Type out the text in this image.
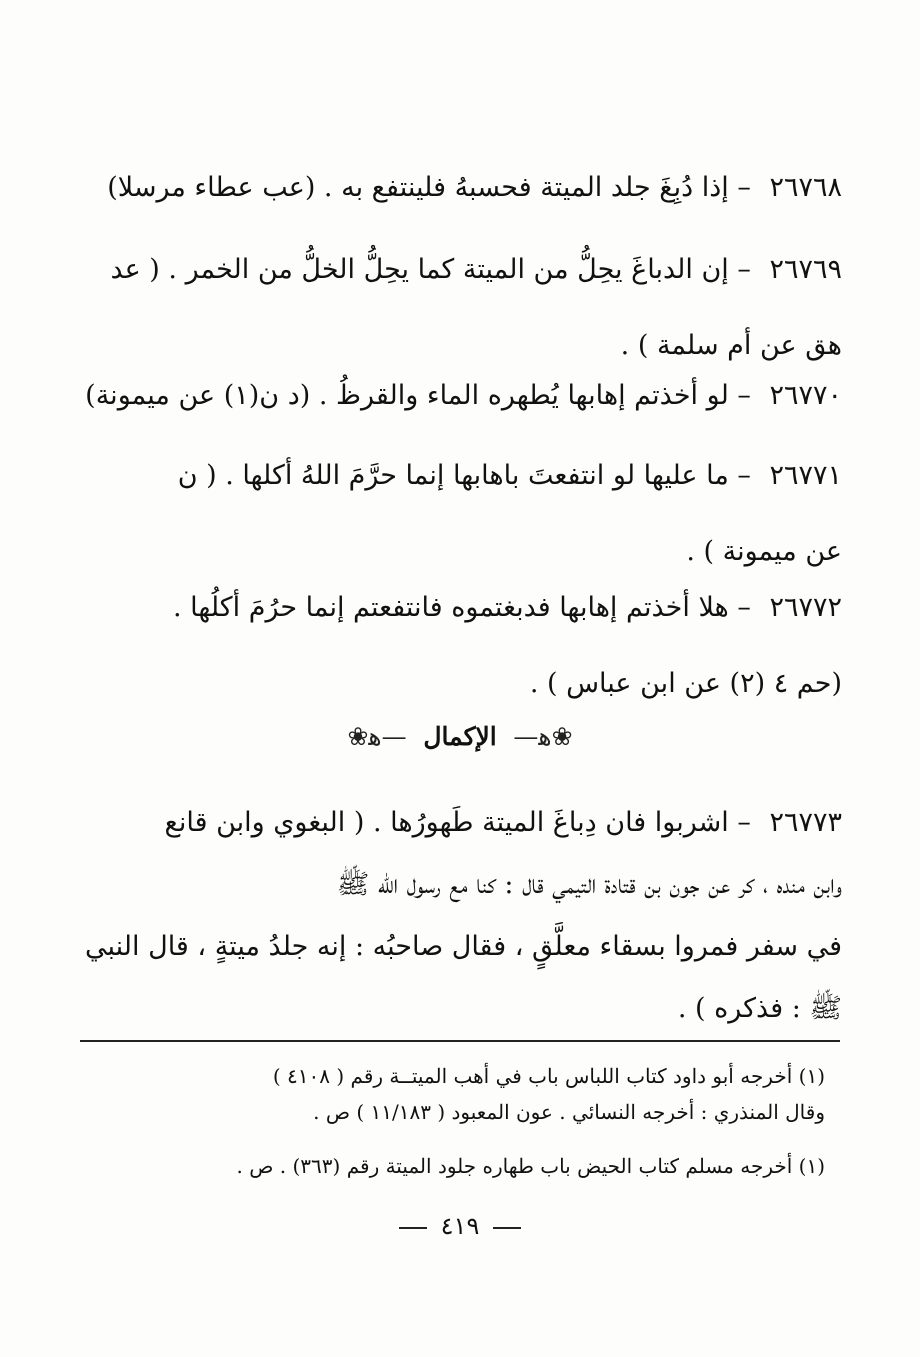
٢٦٧٦٨ – إذا دُبِغَ جلد الميتة فحسبهُ فلينتفع به . (عب عطاء مرسلا)
٢٦٧٦٩ – إن الدباغَ يحِلُّ من الميتة كما يحِلُّ الخلُّ من الخمر . ( عد
هق عن أم سلمة ) .
٢٦٧٧٠ – لو أخذتم إهابها يُطهره الماء والقرظُ . (د ن(١) عن ميمونة)
٢٦٧٧١ – ما عليها لو انتفعتَ باهابها إنما حرَّمَ اللهُ أكلها . ( ن
عن ميمونة ) .
٢٦٧٧٢ – هلا أخذتم إهابها فدبغتموه فانتفعتم إنما حرُمَ أكلُها .
(حم ٤ (٢) عن ابن عباس ) .
❀ﻫ— الإكمال —ﻫ❀
٢٦٧٧٣ – اشربوا فان دِباغَ الميتة طَهورُها . ( البغوي وابن قانع
وابن منده ، كر عن جون بن قتادة التيمي قال : كنا مع رسول الله ﷺ
في سفر فمروا بسقاء معلَّقٍ ، فقال صاحبُه : إنه جلدُ ميتةٍ ، قال النبي
ﷺ : فذكره ) .
(١) أخرجه أبو داود كتاب اللباس باب في أهب الميتــة رقم ( ٤١٠٨ )
وقال المنذري : أخرجه النسائي . عون المعبود ( ١١/١٨٣ ) ص .
(١) أخرجه مسلم كتاب الحيض باب طهاره جلود الميتة رقم (٣٦٣) . ص .
٤١٩
